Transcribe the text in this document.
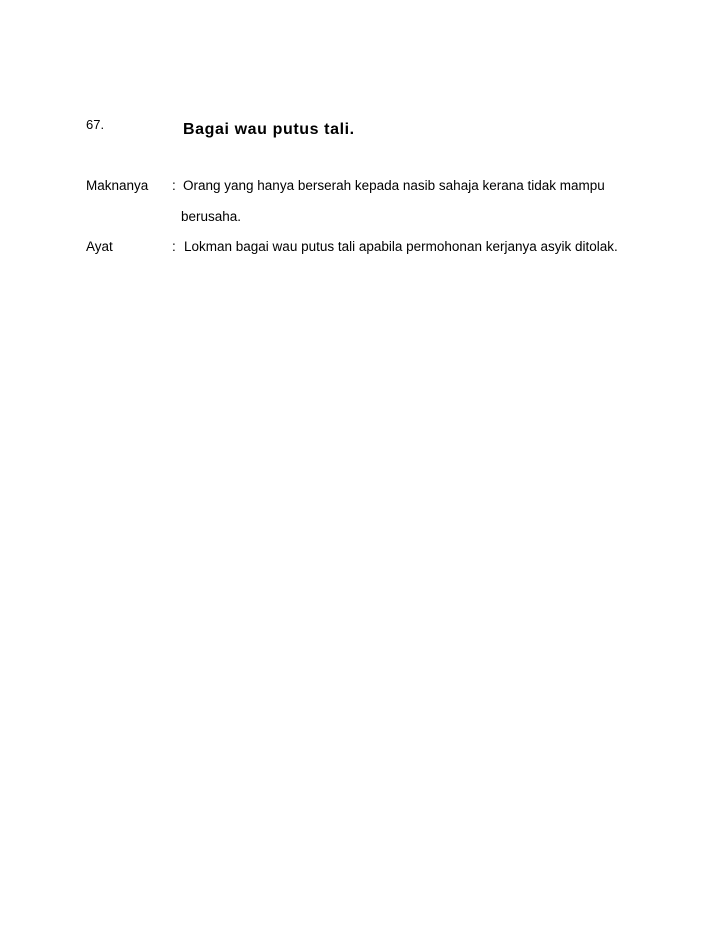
67.	Bagai wau putus tali.
Maknanya : Orang yang hanya berserah kepada nasib sahaja kerana tidak mampu
berusaha.
Ayat	: Lokman bagai wau putus tali apabila permohonan kerjanya asyik ditolak.
